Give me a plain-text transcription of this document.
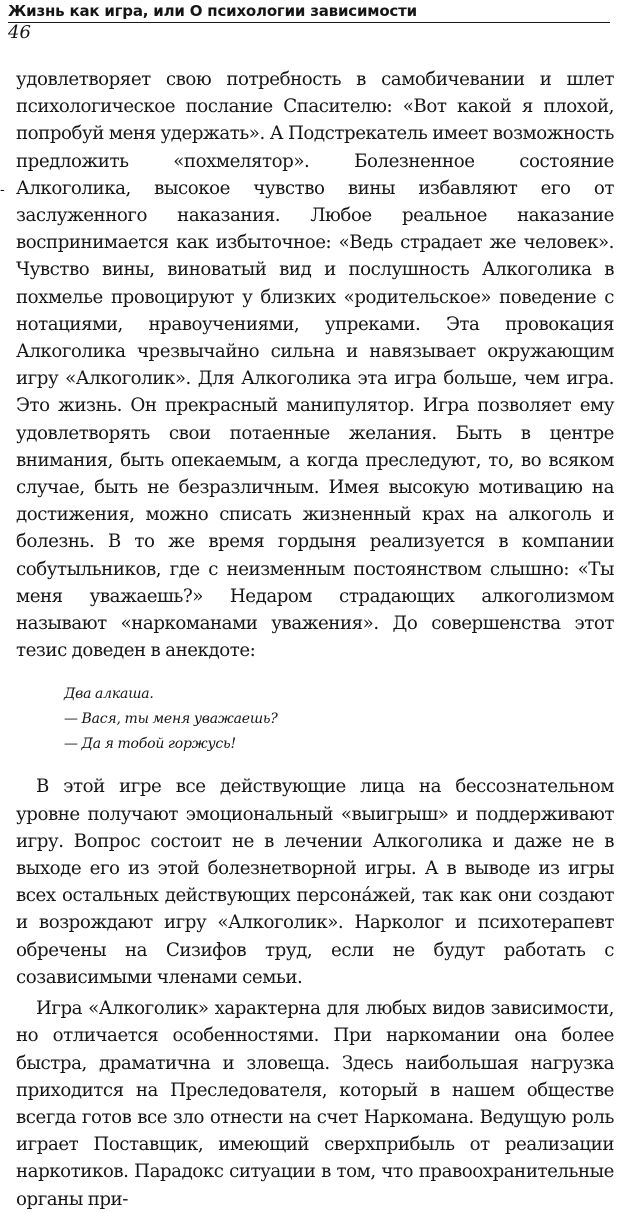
Жизнь как игра, или О психологии зависимости
46
-

удовлетворяет свою потребность в самобичевании и шлет психологическое послание Спасителю: «Вот какой я плохой, попробуй меня удержать». А Подстрекатель имеет возможность предложить «похмелятор». Болезненное состояние Алкоголика, высокое чувство вины избавляют его от заслуженного наказания. Любое реальное наказание воспринимается как избыточное: «Ведь страдает же человек». Чувство вины, виноватый вид и послушность Алкоголика в похмелье провоцируют у близких «родительское» поведение с нотациями, нравоучениями, упреками. Эта провокация Алкоголика чрезвычайно сильна и навязывает окружающим игру «Алкоголик». Для Алкоголика эта игра больше, чем игра. Это жизнь. Он прекрасный манипулятор. Игра позволяет ему удовлетворять свои потаенные желания. Быть в центре внимания, быть опекаемым, а когда преследуют, то, во всяком случае, быть не безразличным. Имея высокую мотивацию на достижения, можно списать жизненный крах на алкоголь и болезнь. В то же время гордыня реализуется в компании собутыльников, где с неизменным постоянством слышно: «Ты меня уважаешь?» Недаром страдающих алкоголизмом называют «наркоманами уважения». До совершенства этот тезис доведен в анекдоте:

Два алкаша.
— Вася, ты меня уважаешь?
— Да я тобой горжусь!

В этой игре все действующие лица на бессознательном уровне получают эмоциональный «выигрыш» и поддерживают игру. Вопрос состоит не в лечении Алкоголика и даже не в выходе его из этой болезнетворной игры. А в выводе из игры всех остальных действующих персонáжей, так как они создают и возрождают игру «Алкоголик». Нарколог и психотерапевт обречены на Сизифов труд, если не будут работать с созависимыми членами семьи.

Игра «Алкоголик» характерна для любых видов зависимости, но отличается особенностями. При наркомании она более быстра, драматична и зловеща. Здесь наибольшая нагрузка приходится на Преследователя, который в нашем обществе всегда готов все зло отнести на счет Наркомана. Ведущую роль играет Поставщик, имеющий сверхприбыль от реализации наркотиков. Парадокс ситуации в том, что правоохранительные органы при-
